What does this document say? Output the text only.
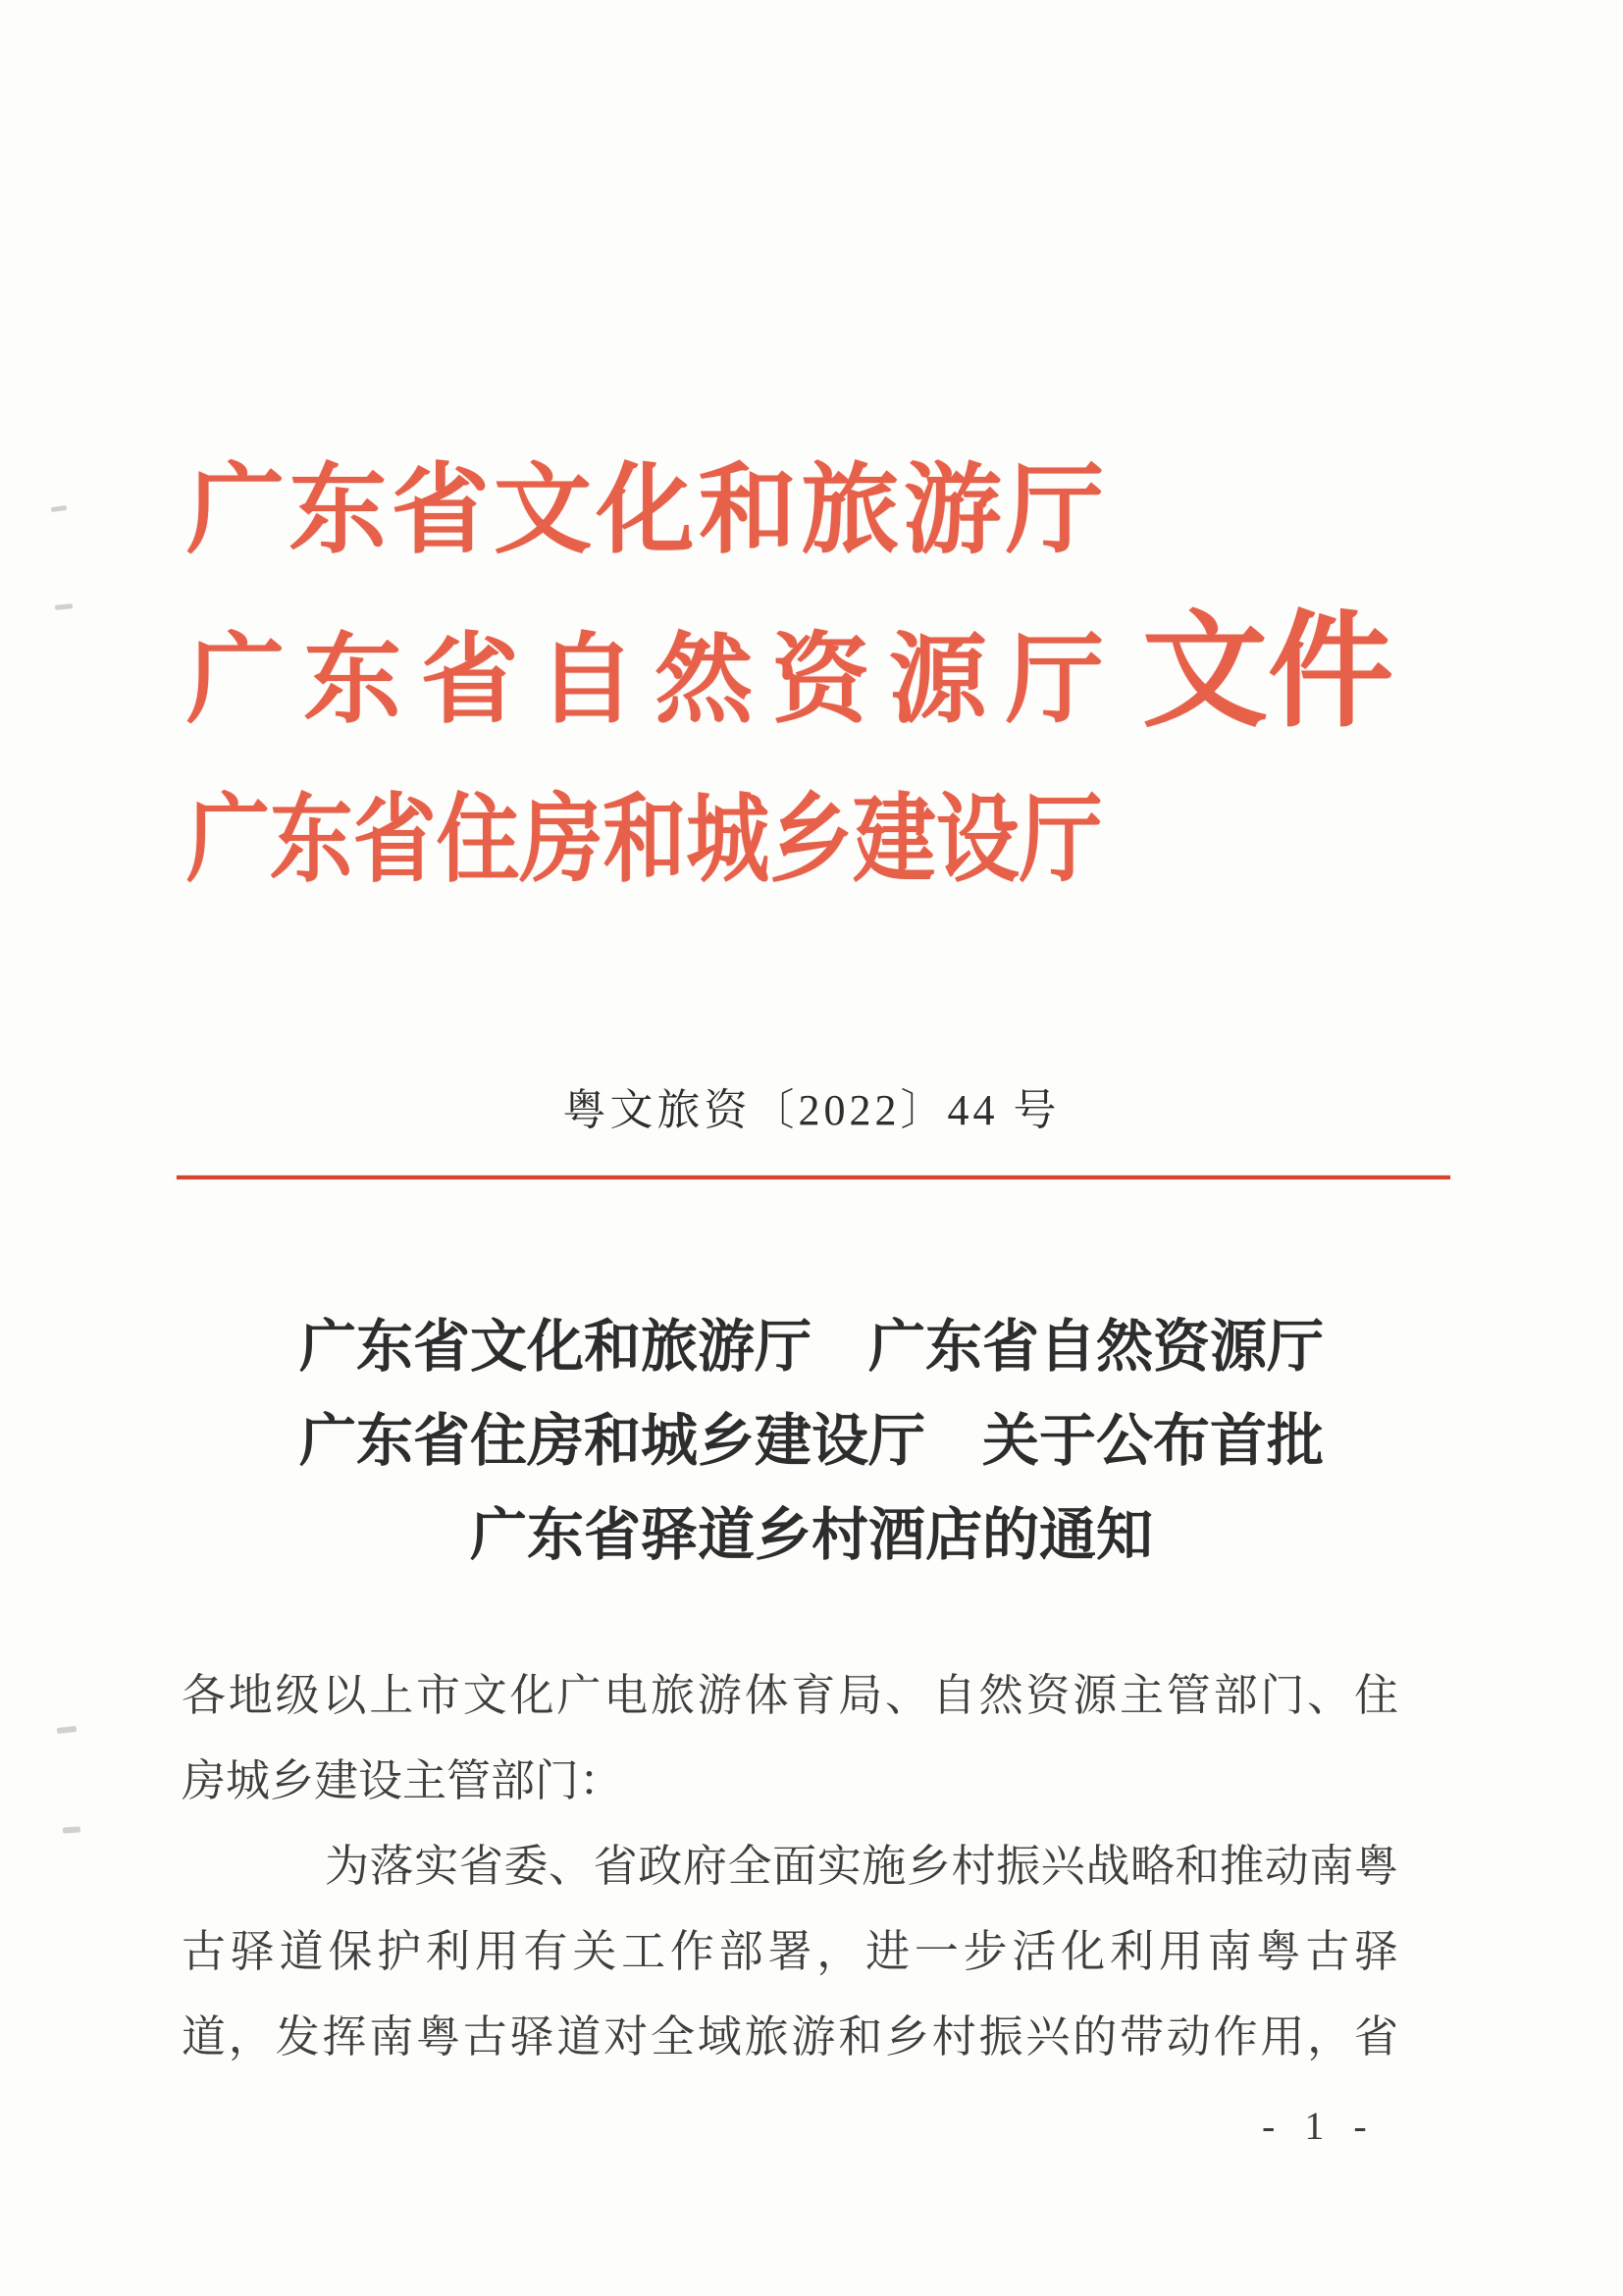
广东省文化和旅游厅
广东省自然资源厅
广东省住房和城乡建设厅
文件
粤文旅资〔2022〕44 号
广东省文化和旅游厅　广东省自然资源厅
广东省住房和城乡建设厅　关于公布首批
广东省驿道乡村酒店的通知
各地级以上市文化广电旅游体育局、自然资源主管部门、住
房城乡建设主管部门：
为落实省委、省政府全面实施乡村振兴战略和推动南粤
古驿道保护利用有关工作部署，进一步活化利用南粤古驿
道，发挥南粤古驿道对全域旅游和乡村振兴的带动作用，省
- 1 -
